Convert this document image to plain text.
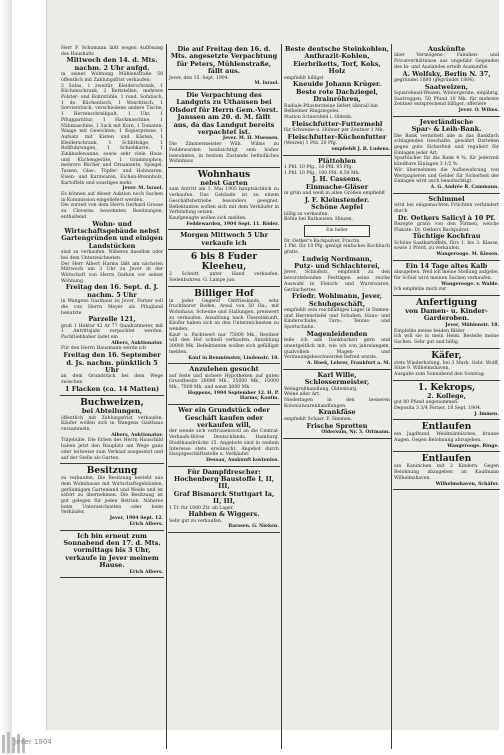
Jever 1904
Herr P. Schumann läßt wegen Auflösung des Haushalts
Mittwoch den 14. d. Mts.
nachm. 2 Uhr aufgd.
in seiner Wohnung Mühlenstraße 58 öffentlich mit Zahlungsfrist verkaufen:
2 Sofas, 1 zweitür. Kleiderschrank, 1 Küchenschrank, 2 Bettstellen, mehrere Polster- und Rohrstühle, 1 rund. Sofatisch, 1 do. Küchentisch, 1 Waschtisch, 1 Servierstisch, verschiedene andere Tische, 1 Herrenschreibpult, 1 Uhr, 1 Pfluggarnitur, 1 Hackmaschine, 1 Nähmaschine, 1 Sack mit Korn, 1 Tomaten-Waage mit Gewichten, 1 Kopierpresse, 1 Aufsatz mit Kisten und Kästen, 1 Kleiderschrank, 1 Schlittsäge, 1 Rollfuhrwagen, 1 Schiebkarre, 1 Zinkbadewanne, sowie sehr viele Haus- und Küchengeräte, 1 Grammophon, mehrere Bücher und Ornamente, Spiegel, Tassen, Glas-, Töpfer- und Holzwaren, Eisen- und Kurzwaren, Eichen-Brennholz, Kartoffeln und sonstiges mehr.
Jever. M. Israel.
Es können auf dieser Auktion noch Sachen in Kommission eingeliefert werden.
Die zurzeit von dem Herrn Gerhard Grosse zu Cleverns bewohnten Besitzungen, enthaltend
Wohn- und Wirtschaftsgebäude nebst Gartengründen und einigen Landstücken
sind zu verkaufen. Näheres daselbst oder bei dem Unterzeichneten.
Der Herr Albert Harms läßt am nächsten Mittwoch um 3 Uhr zu Jever in der Wirtschaft von Herrn Gerken vor seiner Wohnung
Freitag den 16. Sept. d. J. nachm. 5 Uhr
in Wangens Gasthaus zu Jever, Ferner soll die von Herrn Meyer als Pflugland benutzte
Parzelle 121,
groß 1 Hektar 42 Ar 77 Quadratmeter, mit 1 Antrittsjahr verpachtet werden. Pachtliebhaber ladet ein
Albers, Auktionator.
Für den Herrn Hausmann werde ich
Freitag den 16. September d. Js. nachm. pünktlich 5 Uhr
an dem Grundstück bei dem Wege zwischen
1 Flacken (ca. 14 Matten)
Buchweizen,
bei Abteilungen,
öffentlich mit Zahlungsfrist verkaufen. Käufer wollen sich in Wangens Gasthaus versammeln.
Albers, Auktionator.
Tütjebülle. Die Erben des Herrn Hauschild haben jetzt den Bauplatz am Wege ganz oder teilweise zum Verkauf ausgesetzt und auf der Stelle als Garten.
Besitzung
zu verkaufen. Die Besitzung besteht aus dem Wohnhause mit Wirtschaftsgebäuden, geräumigem Gartenland und Weide und ist sofort zu übernehmen. Die Besitzung ist gut gelegen für jeden Betrieb. Näheres beim Unterzeichneten oder beim Verkäufer.
Jever, 1904 Sept. 12.
Erich Albers.
Ich bin erneut zum Sonnabend den 17. d. Mts. vormittags bis 3 Uhr, verkaufe in Jever meinem Hause.
Erich Albers.
Die auf Freitag den 16. d. Mts. angesetzte Verpachtung für Peters, Mühlenstraße, fällt aus.
Jever, den 15. Sept. 1904.
M. Israel.
Die Verpachtung des Landguts zu Uthausen bei Olsdorf für Herrn Gem.-Vorst. Janssen am 20. d. M. fällt aus, da das Landgut bereits verpachtet ist.
Jever. M. H. Muessen.
Die Zimmermeister Wilh. Wilms zu Feddewarden beabsichtigt sein bisher bewohntes, in bestem Zustande befindliches Wohnhaus
Wohnhaus
nebst Garten
zum Antritt am 1. Mai 1905 hauptsächlich zu verkaufen. Das Gebäude ist zu einem Geschäftsbetriebe besonders geeignet. Reflektanten wollen sich mit dem Verkäufer in Verbindung setzen.
Kaufgenugte wollen sich melden.
Feddewarden, 1904 Sept. 11. Röder.
Morgen Mittwoch 5 Uhr verkaufe ich
6 bis 8 Fuder Kleeheu,
2 Schnitt, unter Hand verkaufen. Sielenbuhren. G. Lampe jun.
Billiger Hof
in jeder Gegend Ostfrieslands, sehr fruchtbarer Boden, Areal von 50 Ha., mit Wohnhaus, Scheune und Stallungen, preiswert zu verkaufen. Anzahlung nach Übereinkunft, Käufer haben sich an den Unterzeichneten zu wenden.
Kauf- u. Pachtwert nur 75000 Mk., Besitzer will den Hof schnell verkaufen. Anzahlung 20000 Mk. Reflektanten wollen sich gefälligst melden.
Kauf in Reumünster, Lindenstr. 10.
Anzulehen gesucht
auf feste und sichere Hypotheken auf guten Grundbesitz 28000 Mk., 25000 Mk., 10000 Mk., 7000 Mk. und sonst 5000 Mk.
Hoppens, 1904 September 12. H. P. Harms, Kaufm.
Wer ein Grundstück oder Geschäft kaufen oder verkaufen will,
der wende sich vertrauensvoll an die Central-Verkaufs-Börse Deutschlands, Hamburg, Stadthausbrücke 15. Angebote sind in weitem Interesse stets erwünscht. Angebot durch Hauptgeschäftsstelle u. Verkäufer.
Dessau, Auskunft kostenlos.
Für Dampfdrescher: Hochenberg Baustoffe I, II, III,
Graf Bismarck Stuttgart Ia, II, III,
1 Tr. für 1000 Ztr. ab Lager.
Habben & Wiggers.
Sehr gut zu verkaufen.
Barssen. G. Nieken.
Beste deutsche Steinkohlen, Anthrazit-Kohlen, Eierbriketts, Torf, Koks, Holz
empfiehlt billigst
Kneuide Johann Krüger.
Beste rote Dachziegel,
Drainröhren,
Radiale-Pflastersteine liefert überall hin
Belhelmer Ringziegelei.
Station Schiersfeld i. Oldenb.
Fleischfutter-Futtermehl
für Schweine u. Hühner per Zentner 1 Mk.
Fleischfutter-Küchenfutter
(Weizen) 1 Pfd. 20 Pfg.
empfiehlt J. B. Ludens.
Plättohlen
1 Pfd. 10 Pfg., 10 Pfd. 95 Pfg.
1 Pfd. 10 Pfg., 100 Pfd. 8,50 Mk.
J. H. Cassens.
Einmache-Gläser
in grün und weiß in allen Größen empfiehlt
J. F. Kleinstender.
Schöne Aepfel
billig zu verkaufen.
Bohle bei Rathausen. Hinzen.
Ein heller
Dr. Oetker's Backpulver, Fructin
1 Pkt. für 10 Pfg. genügt einfaches Kochbuch gratis.
Ludwig Nordmann,
Putz- und Schlachterei,
Jever, Schloßstr., empfiehlt zu den bevorstehenden Festtagen seine reiche Auswahl in Fleisch- und Wurstwaren, Geräuchertes.
Friedr. Wohlmann, Jever,
Schuhgeschäft,
empfiehlt sein reichhaltiges Lager in Damen- und Herrenstiefel und Schuhen, Haus- und Kinderschuhe, Turn-, Tennis- und Sportschuhe.
Magenleidenden
teile ich aus Dankbarkeit gern und unentgeltlich mit, wie ich von jahrelangem, qualvollem Magen- und Verdauungsbeschwerden befreit wurde.
A. Hoek, Lehrer, Frankfurt a. M.
Karl Wille,
Schlossermeister,
Weingroßhandlung, Oldenburg.
Weine aller Art.
Niederlagen in den besseren Kolonialwarenhandlungen.
Krankfäse
empfiehlt Schaar. F. Simmen.
Frische Sprotten
Oldersum, Nr. 3. Ortmann.
Auskünfte
über Vermögens-, Familien- und Privatverhältnisse aus ungefähr Gegenden des In- und Auslandes erteilt Auskunftei
A. Wolfsky, Berlin N. 37,
gegründet 1880 (gegründet 1884).
Saatweizen,
Squarehead-Weizen, Wintergerste, einjährig, Saatroggen, 50 Pfund 10 Mk. für mehrere Zentner entsprechend billiger, offeriere
Jever. O. Wilms.
Jeverländische
Spar- & Leih-Bank.
Die Bank vermittelt alle in das Bankfach schlagenden Geschäfte, gewährt Darlehen gegen gute Sicherheit und reguliert für Einlagen jeder Art.
Sparbücher für die Bank 4 %, für jederzeit kündbare Einlagen 3 1/2 %.
Wir übernehmen die Aufbewahrung von Wertpapieren und Gelder für Sicherheit der Einlagen wird auch beaufsichtigt.
A. G. Andrée R. Cammann.
Schimmel
wird bei eingemachten Früchten verhindert durch
Dr. Oetkers Salicyl à 10 Pf.
Rezepte gratis von den Firmen, welche Plakate: Dr. Oetkers Backpulver.
Tüchtige Kochfrau
Schöne Saatkartoffeln, fürs 1. bis 3. Klasse, sowie 1 Pferd, zu verkaufen.
Wangerooge. M. Klesen.
Ein 14 Tage altes Kalb
abzugeben. Weil ich meine Stellung aufgebe, für Schiel wird meinen Sachen verkaufen.
Wangerooge. v. Walde.
Ich empfehle mich zur
Anfertigung
von Damen- u. Kinder-Garderoben.
Jever, Mühlenstr. 18.
Empfehle meine beiden Bilder
Ich will sie in mein Heim. Bestelle meine Sachen. Sehr gut und billig.
Käfer,
stets Wiederholung, bei 3 Mark. Gebr. Wolff, Sitze 9. Wilhelmshaven.
Ausgabe zum Sonnabend den Sonntag.
1. Kekrops,
2. Kollege,
gut 80 Pfund angenommen.
Deposita 3 3/4 Ferner, 18 Sept. 1904.
J. Immen.
Entlaufen
ein Jagdhund, Weidmännisches, braune Augen. Gegen Belohnung abzugeben.
Wangerooge. Ringe.
Entlaufen
ein Kaninchen mit 2 Kindern. Gegen Belohnung abzugeben an Kaufmann Wilhelmshaven.
Wilhelmshaven, Schäfer.
